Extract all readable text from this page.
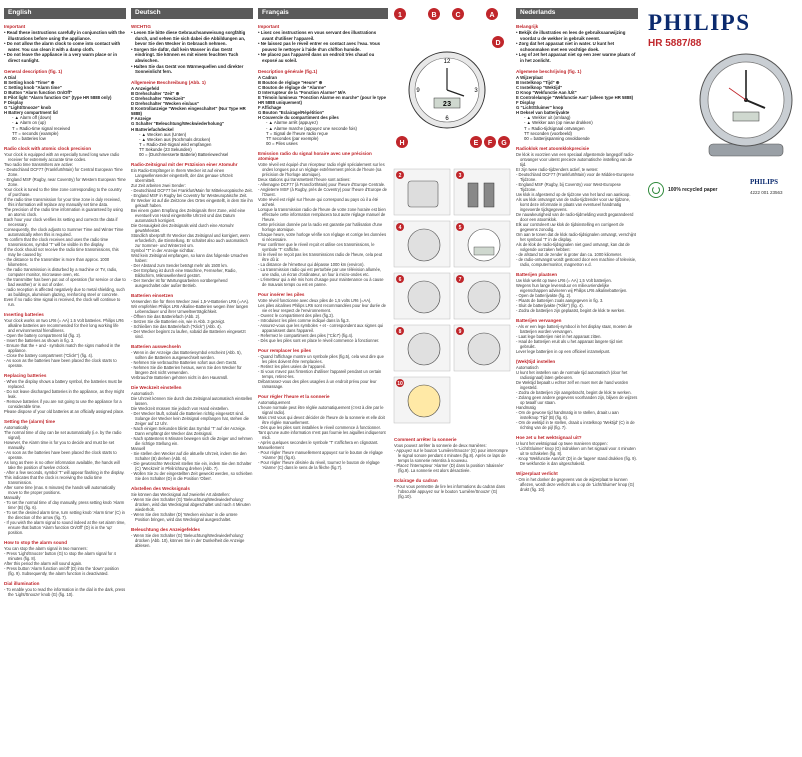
English
Important
• Read these instructions carefully in conjunction with the illustrations before using the appliance.
• Do not allow the alarm clock to come into contact with water. You can clean it with a damp cloth.
• Do not leave the appliance in a very warm place or in direct sunlight.
General description (fig. 1)
A Dial
B Setting knob "Time" ⊕
C Setting knob "Alarm time"
D Button "Alarm function On/Off"
E Pilot light "Alarm function On" (type HR 5888 only)
F Display
G "Light/Snooze" knob
H Battery compartment lid
- ▲ Alarm off (down)
- ▲ Alarm on (up)
T = Radio-time signal received
TT = seconds (example)
00 = batteries low
Radio clock with atomic clock precision
Your clock is equipped with an especially tuned long wave radio receiver for extremely accurate time codes.
Two radio time transmitters are active:
- Deutschland DCF77 (Frankfurt/Main) for Central European Time Zone.
- England MSF (Rugby, near Coventry) for Western European Time Zone.
Your clock is tuned to the time zone corresponding to the country of purchase.
If the radio time transmission for your time zone is duly received, this information will replace any manually set time data.
The precision of the radio time information is guaranteed by using an atomic clock.
Each hour your clock verifies its setting and corrects the data if necessary.
Consequently, the clock adjusts to Summer Time and Winter Time automatically when this is required.
To confirm that the clock receives and uses the radio time transmissions, symbol 'T' will be visible in the display.
If the clock should not receive the radio time transmissions, this may be caused by:
- the distance to the transmitter is more than approx. 1000 kilometres.
- the radio transmission is disturbed by a machine or TV, radio, computer monitor, microwave oven, etc.
- the transmitter has been put out of operation (for service or due to bad weather) or is out of order.
- radio reception is affected negatively due to metal shielding, such as buildings, aluminium glazing, reinforcing steel or concrete.
Even if no radio time signal is received, the clock will continue to run.
Inserting batteries
Your clock works on two LR6 (= AA) 1.5 Volt batteries. Philips LR6 alkaline batteries are recommended for their long working life and environmental friendliness.
- Open the battery compartment lid (fig. 2).
- Insert the batteries as shown in fig. 3.
- Ensure that the + and - symbols match the signs marked in the appliance.
- Close the battery compartment ("Click!") (fig. 4).
- As soon as the batteries have been placed the clock starts to operate.
Replacing batteries
- When the display shows a battery symbol, the batteries must be replaced.
- Do not leave discharged batteries in the appliance, as they might leak.
- Remove batteries if you are not going to use the appliance for a considerable time.
Please dispose of your old batteries at an officially assigned place.
Setting the (alarm) time
Automatically
The normal time of day can be set automatically (i.e. by the radio signal).
However, the Alarm time is for you to decide and must be set manually.
- As soon as the batteries have been placed the clock starts to operate.
As long as there is no other information available, the hands will take the position of twelve o'clock.
- After a few seconds, symbol 'T' will appear flashing in the display.
This indicates that the clock is receiving the radio time transmission.
After some time (max. 6 minutes) the hands will automatically move to the proper positions.
Manually
- To set the normal time of day manually, press setting knob 'Alarm time' (B) (fig. 6).
- To set the desired alarm time, turn setting knob 'Alarm time' (C) in the direction of the arrow (fig. 7).
- If you wish the alarm signal to sound indeed at the set alarm time, ensure that button 'Alarm function On/Off' (D) is in the 'up' position.
How to stop the alarm sound
You can stop the alarm signal in two manners:
- Press 'Light/Snooze' button (G) to stop the alarm signal for 4 minutes (fig. 8).
After this period the alarm will sound again.
- Press button 'Alarm function on/off' (D) into the 'down' position (fig. 9). Subsequently, the alarm function is deactivated.
Dial illumination
- To enable you to read the information in the dial in the dark, press the 'Light/Snooze' knob (G) (fig. 10).
Deutsch
WICHTIG
• Lesen Sie bitte diese Gebrauchsanweisung sorgfältig durch, und sehen Sie sich dabei die Abbildungen an, bevor Sie den Wecker in Gebrauch nehmen.
• Sorgen Sie dafür, daß kein Wasser in das Gerät eindringt. Sie können es mit einem feuchten Tuch abwischen.
• Halten Sie das Gerät von Wärmequellen und direkter Sonneinlicht fern.
Allgemeine Beschreibung (Abb. 1)
A Anzeigefeld
B Drehschalter "Zeit" ⊕
C Drehschalter "Weckzeit"
D Drehschalter "Wecken ein/aus"
E Kontrollanzeige "Wecken eingeschaltet" (Nur Type HR 5888)
F Anzeige
G Schalter "Beleuchtung/Weckwiederholung"
H Batteriefachdeckel
- ▲ Wecken aus (Unten)
- ▲ Wecken aus (Nochmals drücken)
T = Radio-Zeit-Signal wird empfangen
TT Sekunde (23 Sekunden)
00 = (Durchmesserte Batterie) Batteriewechsel
Radio-Zeitsignal mit der Präzision einer Atomuhr
Ein Radio-Empfänger in Ihrem Wecker ist auf einen Langwellensender eingestellt, der das genaue Uhrzeit übermittelt.
Zur Zeit arbeiten zwei Sender:
- Deutschland DCF77 bei Frankfurt/Main für Mitteleuropäische Zeit.
- England MSF in Rugby bei Coventry für Westeuropäische Zeit.
Ihr Wecker ist auf die Zeitzone des Ortes eingestellt, in dem Sie ihn gekauft haben.
Bei einem guten Empfang des Zeitsignals Ihrer Zone, wird eine eventuell von Hand eingestellte Uhrzeit und das Datum automatisch korrigiert.
Die Genauigkeit des Zeitsignals wird durch eine Atomuhr gewährleistet.
Stündlich überprüft Ihr Wecker das Zeitsignal und korrigiert, wenn erforderlich, die Einstellung. Er schaltet also auch automatisch zur Sommer- und Winterzeit um.
Symbol "T" in der Anzeige sichtbar.
Wird kein Zeitsignal empfangen, so kann das folgende Ursachen haben:
- Der Abstand zum Sender beträgt mehr als 1500 km.
- Der Empfang ist durch eine Maschine, Fernseher, Radio, Bildschirm, Mikrowellenherd gestört.
- Der Sender ist für Wartungsarbeiten vorübergehend ausgeschaltet oder außer Betrieb.
Batterien einsetzen
Verwenden Sie für Ihren Wecker zwei 1,5-V-Batterien LR6 (=AA).
Wir empfehlen Philips LR6 Alkaline-Batterien wegen ihrer langen Lebensdauer und ihrer Umweltverträglichkeit.
- Öffnen Sie das Batteriefach (Abb. 2).
- Setzen Sie die Batterien ein, wie in Abb. 3 gezeigt.
- Schließen Sie das Batteriefach ("Klick") (Abb. 4).
- Der Wecker beginnt zu laufen, sobald die Batterien eingesetzt sind.
Batterien auswechseln
- Wenn in der Anzeige das Batteriesymbol erscheint (Abb. 5), sollten die Batterien ausgewechselt werden.
- Nehmen Sie verbrauchte Batterien sofort aus dem Gerät.
- Nehmen Sie die Batterien heraus, wenn Sie den Wecker für längere Zeit nicht verwenden.
Verbrauchte Batterien gehören nicht in den Hausmüll.
Die Weckzeit einstellen
Automatisch
Die Uhrzeit können Sie durch das Zeitsignal automatisch einstellen lassen.
Die Weckzeit müssen Sie jedoch von Hand einstellen.
- Der Wecker läuft, sobald die Batterien richtig eingesetzt sind. Solange der Wecker kein Zeitsignal empfangen hat, stehen die Zeiger auf 12 Uhr.
- Nach einigen Sekunden blinkt das Symbol 'T' auf der Anzeige. Dann empfängt der Wecker das Zeitsignal.
- Nach spätestens 6 Minuten bewegen sich die Zeiger und nehmen die richtige Stellung ein.
Manuell
- Sie stellen den Wecker auf die aktuelle Uhrzeit, indem Sie den Schalter (B) drehen (Abb. 6).
- Die gewünschte Weckzeit stellen Sie ein, indem Sie den Schalter (C) 'Weckzeit' in Pfeilrichtung drehen (Abb. 7).
- Wollen Sie zu der eingestellten Zeit geweckt werden, so schieben Sie den Schalter (D) in die Position 'Oben'.
Abstellen des Wecksignals
Sie können das Wecksignal auf zweierlei Art abstellen:
- Wenn Sie den Schalter (G) 'Beleuchtung/Weckwiederholung' drücken, wird das Wecksignal abgeschaltet und nach 4 Minuten wiederholt.
- Wenn Sie den Schalter (D) 'Wecken ein/aus' in die untere Position bringen, wird das Wecksignal ausgeschaltet.
Beleuchtung des Anzeigefeldes
- Wenn Sie den Schalter (G) 'Beleuchtung/Weckwiederholung' drücken (Abb. 10), können Sie in der Dunkelheit die Anzeige ablesen.
Français
Important
• Lisez ces instructions en vous servant des illustrations avant d'utiliser l'appareil.
• Ne laissez pas le réveil entrer en contact avec l'eau. Vous pouvez le nettoyer à l'aide d'un chiffon humide.
• Ne placez pas l'appareil dans un endroit très chaud ou exposé au soleil.
Description générale (fig.1)
A Cadran
B Bouton de réglage "Heure" ⊕
C Bouton de réglage de "Alarme"
D Interrupteur de la "Fonction Alarme" M/A
E Témoin lumineux "Fonction Alarme en marche" (pour le type HR 5888 uniquement)
F Affichage
G Bouton "Eclairage/Répétition"
H Couvercle du compartiment des piles
- ▲ Alarme arrêt (appuyez)
- ▲ Alarme marche (appuyez une seconde fois)
T = Signal de l'heure radio reçue
TT secondes (par exemple)
00 = Piles usées
Emission radio du signal horaire avec une précision atomique
Votre réveil est équipé d'un récepteur radio réglé spécialement sur les ondes longues pour un réglage extrêmement précis de l'heure (sa précision de l'horloge atomique).
Deux stations qui transmettent l'heure sont actives:
- Allemagne DCF77 (à Francfort/Main) pour l'heure d'Europe Centrale.
- Angleterre MSF (à Rugby, près de Coventry) pour l'heure d'Europe de l'Ouest.
Votre réveil est réglé sur l'heure qui correspond au pays où il a été acheté.
Lorsque la transmission radio de l'heure de votre zone horaire est bien effectuée cette information remplacera tout autre réglage manuel de l'heure.
Cette précision donnée par la radio est garantie par l'utilisation d'une horloge atomique.
Chaque heure, votre horloge vérifie son réglage et corrige les données si nécessaire.
Pour confirmer que le réveil reçoit et utilise ces transmissions, le symbole 'T' s'affiche.
Si le réveil ne reçoit pas les transmissions radio de l'heure, cela peut être dû à:
- La distance de l'émetteur qui dépasse 1000 km (environ).
- La transmission radio qui est perturbée par une télévision allumée, une radio, un écran d'ordinateur, un four à micro-ondes etc.
- L'émetteur qui a été mis hors d'usage pour maintenance ou à cause de mauvais temps ou est en panne.
Pour insérer les piles
Votre réveil fonctionne avec deux piles de 1,5 volts LR6 (=AA).
Les piles alcalines Philips LR6 sont recommandées pour leur durée de vie et leur respect de l'environnement.
- Ouvrez le compartiment des piles (fig.2).
- Introduisez les piles comme indiqué dans la fig.3.
- Assurez-vous que les symboles + et - correspondent aux signes qui apparaissent dans l'appareil.
- Refermez le compartiment des piles ("Clic!") (fig.4).
- Dès que les piles sont en place le réveil commence à fonctionner.
Pour remplacer les piles
- Quand l'affichage montre un symbole piles (fig.5), cela veut dire que les piles doivent être remplacées.
- Retirez les piles usées de l'appareil.
- Si vous n'avez pas l'intention d'utiliser l'appareil pendant un certain temps, retirez-les.
Débarrassez-vous des piles usagées à un endroit prévu pour leur ramassage.
Pour régler l'heure et la sonnerie
Automatiquement
L'heure normale peut être réglée automatiquement (c'est à dire par le signal radio).
Mais c'est vous qui devez décider de l'heure de la sonnerie et elle doit être réglée manuellement.
- Dès que les piles sont installées le réveil commence à fonctionner.
Tant qu'une autre information n'est pas fournie les aiguilles indiqueront midi.
- Après quelques secondes le symbole 'T' s'affichera en clignotant.
Manuellement
- Pour régler l'heure manuellement appuyez sur le bouton de réglage 'Alarme' (B) (fig.6).
- Pour régler l'heure désirée du réveil, tournez le bouton de réglage 'Alarme' (C) dans le sens de la flèche (fig.7).
12
3
6
9
23
1	B	C	A
D
E F G
H

2	3
4	5
6	7
8	9
10
Comment arrêter la sonnerie
Vous pouvez arrêter la sonnerie de deux manières:
- Appuyez sur le bouton 'Lumière/Snooze' (G) pour interrompre le signal sonore pendant 4 minutes (fig.8). Après ce laps de temps la sonnerie retentira à nouveau.
- Placez l'interrupteur 'Alarme' (D) dans la position 'abaissée' (fig.9). La sonnerie est alors désactivée.
Eclairage du cadran
- Pour vous permettre de lire les informations du cadran dans l'obscurité appuyez sur le bouton 'Lumière/Snooze' (G) (fig.10).
Nederlands
Belangrijk
• Bekijk de illustraties en lees de gebruiksaanwijzing voordat u de wekker in gebruik neemt.
• Zorg dat het apparaat niet in water. U kunt het schoonmaken met een vochtige doek.
• Leg of zet het apparaat niet op een zeer warme plaats of in het zonlicht.
Algemene beschrijving (fig. 1)
A Wijzerplaat
B Instelknop "Tijd" ⊕
C Instelknop "Wektijd"
D Knop "Wekfunctie Aan /Uit"
E Controlelampje "Wekfunctie Aan" (alleen type HR 5888)
F Display
G "Licht/Sluimer" knop
H Deksel van batterijvakte
- ▲ Wekker uit (omlaag)
- ▲ Wekker aan (op nieuw drukken)
T = Radio-tijdsignaal ontvangen
TT seconden (voorbeeld)
00 = batterijspanning onvoldoende
Radioklok met atoomklokprecisie
De klok is voorzien van een speciaal afgestemde langegolf radio-ontvanger voor uiterst precieze automatische instelling van de tijd.
Er zijn twee radio-tijdzenders actief, te weten:
- Deutschland DCF77 (Frankfurt/Main) voor de Midden-Europese Tijdzone.
- England MSF (Rugby, bij Coventry) voor West-Europese Tijdzone.
Uw klok is afgestemd op de tijdzone van het land van aankoop.
Als uw klok ontvangst van de radio-tijdzender voor uw tijdzone, komt deze informatie in plaats van eventueel handmatig ingevoerde tijdsgegevens.
De nauwkeurigheid van de radio-tijdmelding wordt gegarandeerd door een atoomklok.
Elk uur controleert uw klok de tijdsinstelling en corrigeert de gegevens zonodig.
Om aan te tonen dat de klok radio-tijdsignalen ontvangt, verschijnt het symbool 'T' in de display.
Als de klok de radio-tijdsignalen niet goed ontvangt, kan dat de volgende oorzaken hebben:
- de afstand tot de zender is groter dan ca. 1000 kilometer.
- de radio-ontvangst wordt gestoord door een machine of televisie, radio, computermonitor, magnetron e.d.
Batterijen plaatsen
Uw klok werkt op twee LR6 (= AA) 1,5 Volt batterijen.
Wegens hun lange levensduur en milieuvriendelijke eigenschappen adviseren wij Philips LR6 alkalinebatterijen.
- Open de batterijvakte (fig. 2).
- Plaats de batterijen zoals aangegeven in fig. 3.
- Sluit de batterijvakte ("Klik!") (fig. 4).
- Zodra de batterijen zijn geplaatst, begint de klok te werken.
Batterijen vervangen
- Als er een lege batterij-symbool in het display staat, moeten de batterijen worden vervangen.
- Laat lege batterijen niet in het apparaat zitten.
- Haal de batterijen eruit als u het apparaat langere tijd niet gebruikt.
Lever lege batterijen in op een officieel inzamelpunt.
(Wek)tijd instellen
Automatisch
U kunt het instellen van de normale tijd automatisch (door het radiosignaal) laten gebeuren.
De Wektijd bepaalt u echter zelf en moet met de hand worden ingesteld.
- Zodra de batterijen zijn aangebracht, begint de klok te werken.
- Zolang geen andere gegevens voorhanden zijn, blijven de wijzers op twaalf uur staan.
Handmatig
- Om de gewone tijd handmatig in te stellen, draait u aan instelknop 'Tijd' (B) (fig. 6).
- Om de wektijd in te stellen, draait u instelknop 'Wektijd' (C) in de richting van de pijl (fig. 7).
Hoe zet u het wektsignaal uit?
U kunt het wektsignaal op twee manieren stoppen:
- 'Licht/Sluimer' knop (G) indrukken om het signaal voor 4 minuten uit te schakelen (fig. 8).
- Knop 'Wekfunctie Aan/Uit' (D) in de 'lagere' stand drukken (fig. 9). De wekfunctie is dan uitgeschakeld.
Wijzerplaat verlicht
- Om in het donker de gegevens van de wijzerplaat te kunnen aflezen, wordt deze verlicht als u op de 'Licht/Sluimer' knop (G) drukt (fig. 10).
PHILIPS
HR 5887/88
100% recycled paper
PHILIPS
4222 001 23563
